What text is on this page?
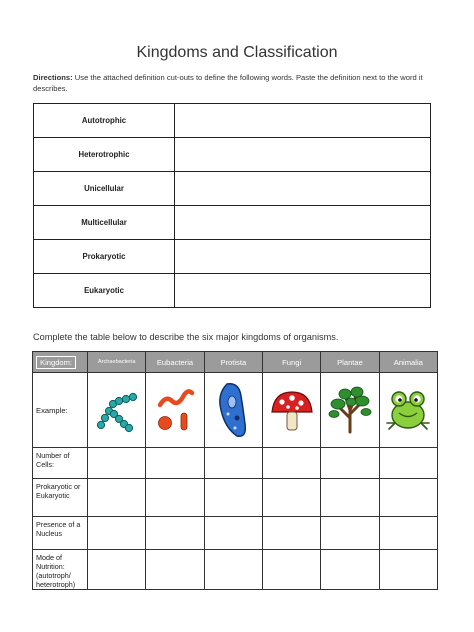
Kingdoms and Classification
Directions: Use the attached definition cut-outs to define the following words. Paste the definition next to the word it describes.
Autotrophic	
Heterotrophic	
Unicellular	
Multicellular	
Prokaryotic	
Eukaryotic	
Complete the table below to describe the six major kingdoms of organisms.
Kingdom:	Archaebacteria	Eubacteria	Protista	Fungi	Plantae	Animalia

Example:

Number of Cells:						
Prokaryotic or Eukaryotic						
Presence of a Nucleus						
Mode of Nutrition: (autotroph/ heterotroph)						
